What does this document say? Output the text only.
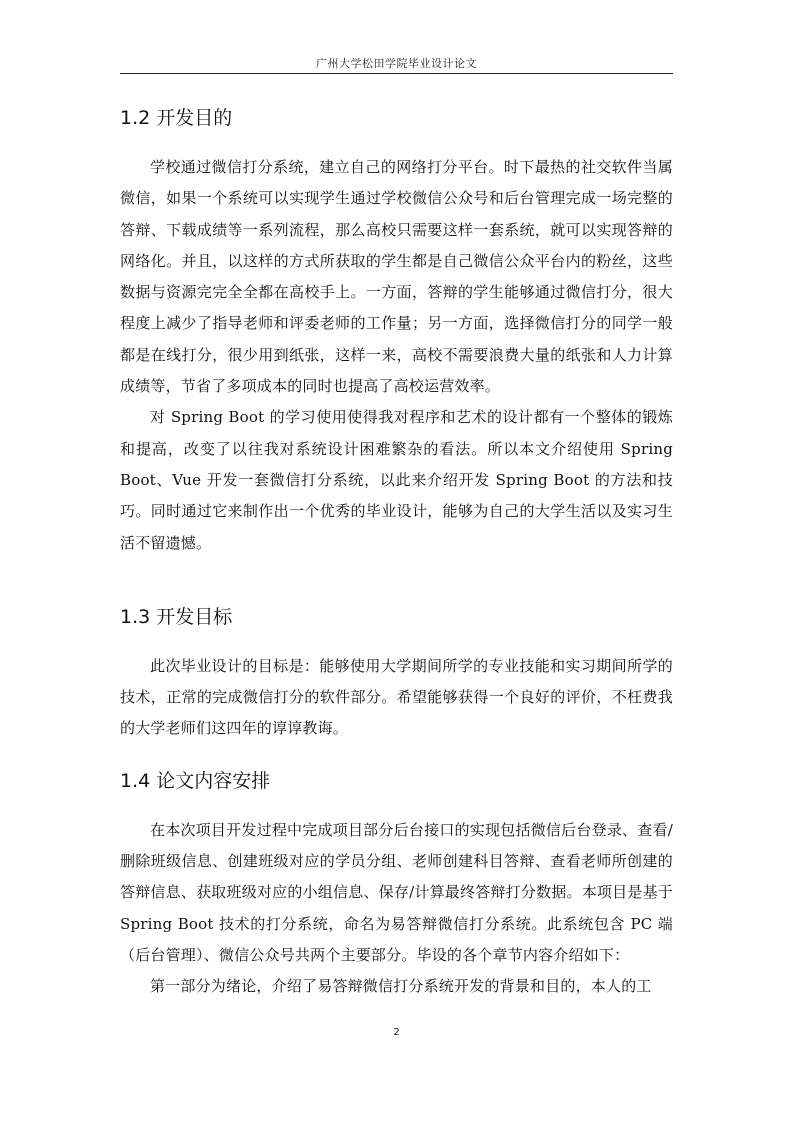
广州大学松田学院毕业设计论文
1.2 开发目的

学校通过微信打分系统，建立自己的网络打分平台。时下最热的社交软件当属微信，如果一个系统可以实现学生通过学校微信公众号和后台管理完成一场完整的答辩、下载成绩等一系列流程，那么高校只需要这样一套系统，就可以实现答辩的网络化。并且，以这样的方式所获取的学生都是自己微信公众平台内的粉丝，这些数据与资源完完全全都在高校手上。一方面，答辩的学生能够通过微信打分，很大程度上减少了指导老师和评委老师的工作量；另一方面，选择微信打分的同学一般都是在线打分，很少用到纸张，这样一来，高校不需要浪费大量的纸张和人力计算成绩等，节省了多项成本的同时也提高了高校运营效率。

对 Spring Boot 的学习使用使得我对程序和艺术的设计都有一个整体的锻炼和提高，改变了以往我对系统设计困难繁杂的看法。所以本文介绍使用 Spring Boot、Vue 开发一套微信打分系统，以此来介绍开发 Spring Boot 的方法和技巧。同时通过它来制作出一个优秀的毕业设计，能够为自己的大学生活以及实习生活不留遗憾。

1.3 开发目标

此次毕业设计的目标是：能够使用大学期间所学的专业技能和实习期间所学的技术，正常的完成微信打分的软件部分。希望能够获得一个良好的评价，不枉费我的大学老师们这四年的谆谆教诲。

1.4 论文内容安排

在本次项目开发过程中完成项目部分后台接口的实现包括微信后台登录、查看/删除班级信息、创建班级对应的学员分组、老师创建科目答辩、查看老师所创建的答辩信息、获取班级对应的小组信息、保存/计算最终答辩打分数据。本项目是基于 Spring Boot 技术的打分系统，命名为易答辩微信打分系统。此系统包含 PC 端（后台管理）、微信公众号共两个主要部分。毕设的各个章节内容介绍如下：

第一部分为绪论，介绍了易答辩微信打分系统开发的背景和目的，本人的工

2
